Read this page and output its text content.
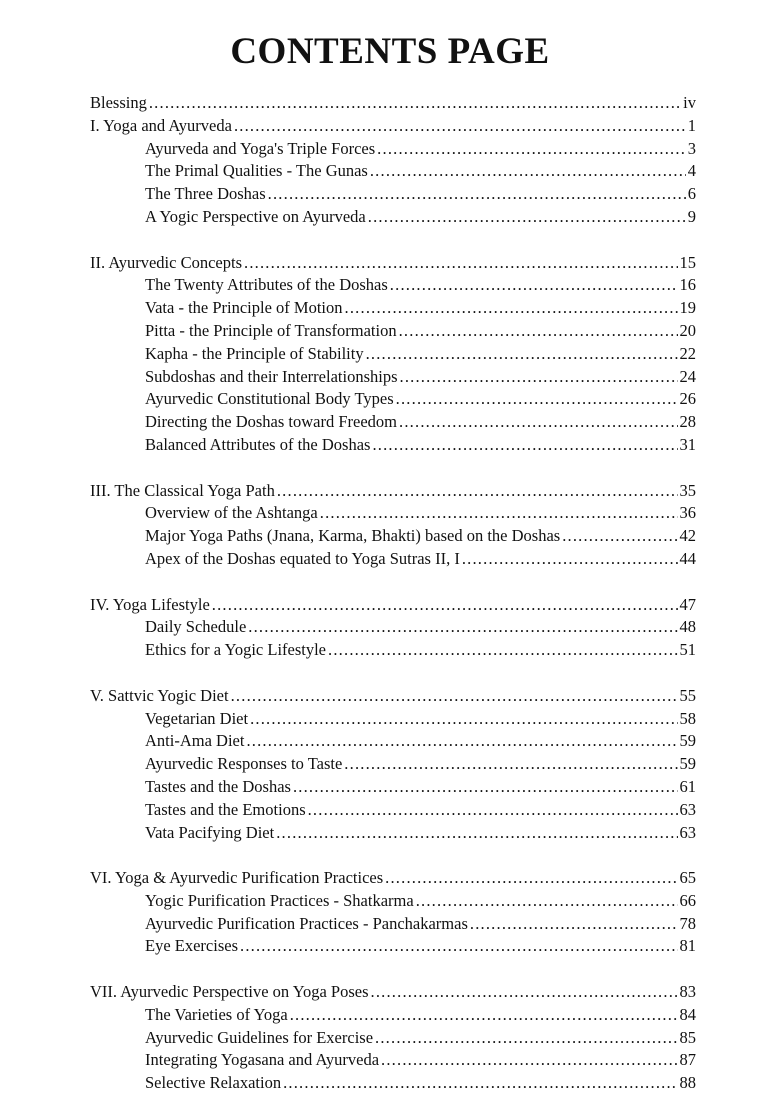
CONTENTS PAGE
Blessing .....	iv
I. Yoga and Ayurveda .....	1
Ayurveda and Yoga's Triple Forces .....	3
The Primal Qualities - The Gunas .....	4
The Three Doshas .....	6
A Yogic Perspective on Ayurveda .....	9
II. Ayurvedic Concepts .....	15
The Twenty Attributes of the Doshas .....	16
Vata - the Principle of Motion .....	19
Pitta - the Principle of Transformation .....	20
Kapha - the Principle of Stability .....	22
Subdoshas and their Interrelationships .....	24
Ayurvedic Constitutional Body Types .....	26
Directing the Doshas toward Freedom .....	28
Balanced Attributes of the Doshas .....	31
III. The Classical Yoga Path .....	35
Overview of the Ashtanga .....	36
Major Yoga Paths (Jnana, Karma, Bhakti) based on the Doshas .....	42
Apex of the Doshas equated to Yoga Sutras II, I .....	44
IV. Yoga Lifestyle .....	47
Daily Schedule .....	48
Ethics for a Yogic Lifestyle .....	51
V. Sattvic Yogic Diet .....	55
Vegetarian Diet .....	58
Anti-Ama Diet .....	59
Ayurvedic Responses to Taste .....	59
Tastes and the Doshas .....	61
Tastes and the Emotions .....	63
Vata Pacifying Diet .....	63
VI. Yoga & Ayurvedic Purification Practices .....	65
Yogic Purification Practices - Shatkarma .....	66
Ayurvedic Purification Practices - Panchakarmas .....	78
Eye Exercises .....	81
VII. Ayurvedic Perspective on Yoga Poses .....	83
The Varieties of Yoga .....	84
Ayurvedic Guidelines for Exercise .....	85
Integrating Yogasana and Ayurveda .....	87
Selective Relaxation .....	88
